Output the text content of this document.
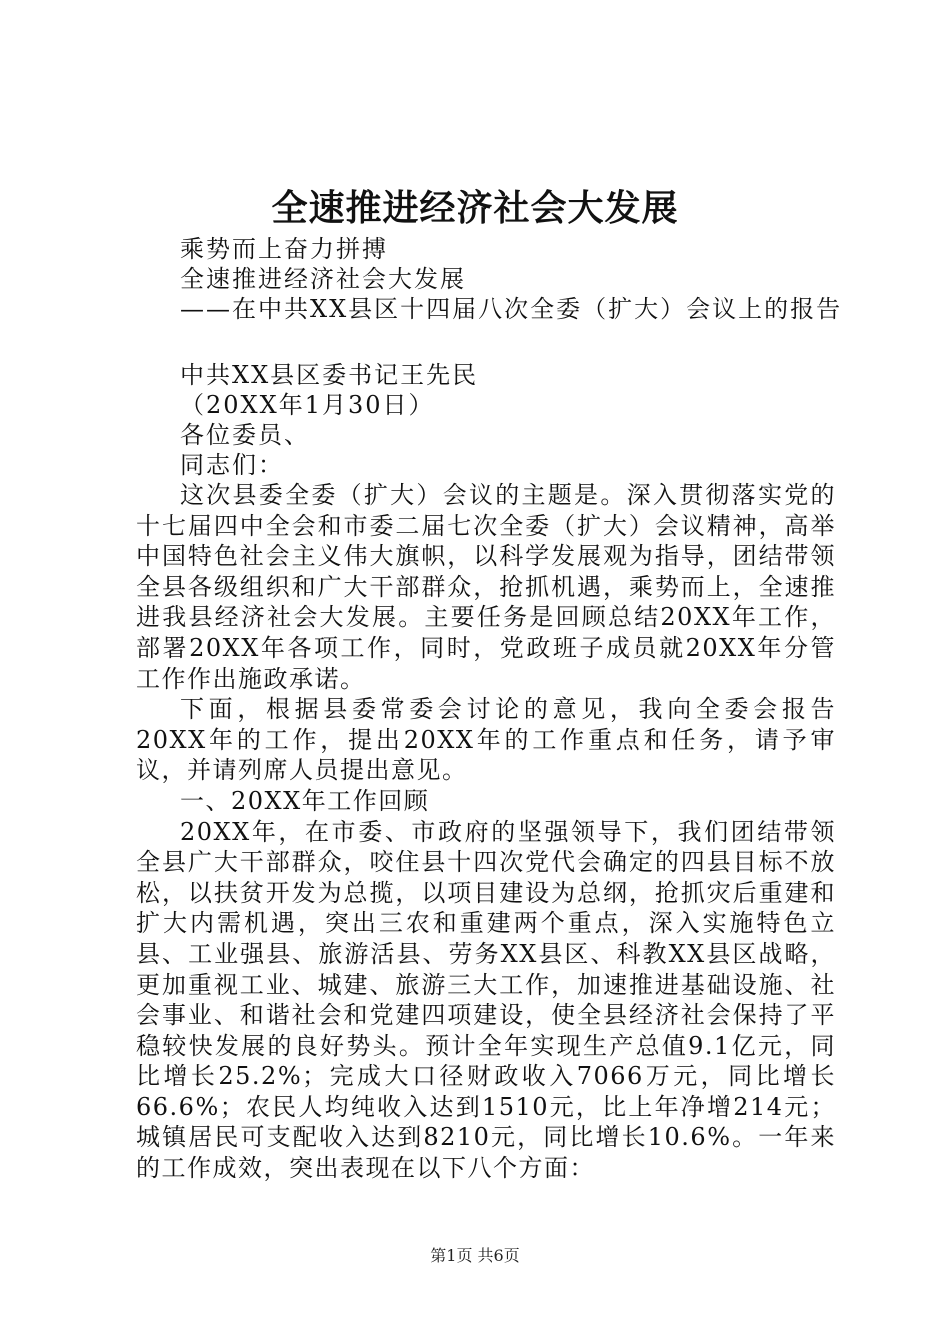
全速推进经济社会大发展
乘势而上奋力拼搏
全速推进经济社会大发展
——在中共XX县区十四届八次全委（扩大）会议上的报告
中共XX县区委书记王先民
（20XX年1月30日）
各位委员、
同志们：

这次县委全委（扩大）会议的主题是。深入贯彻落实党的十七届四中全会和市委二届七次全委（扩大）会议精神，高举中国特色社会主义伟大旗帜，以科学发展观为指导，团结带领全县各级组织和广大干部群众，抢抓机遇，乘势而上，全速推进我县经济社会大发展。主要任务是回顾总结20XX年工作，部署20XX年各项工作，同时，党政班子成员就20XX年分管工作作出施政承诺。

下面，根据县委常委会讨论的意见，我向全委会报告20XX年的工作，提出20XX年的工作重点和任务，请予审议，并请列席人员提出意见。

一、20XX年工作回顾

20XX年，在市委、市政府的坚强领导下，我们团结带领全县广大干部群众，咬住县十四次党代会确定的四县目标不放松，以扶贫开发为总揽，以项目建设为总纲，抢抓灾后重建和扩大内需机遇，突出三农和重建两个重点，深入实施特色立县、工业强县、旅游活县、劳务XX县区、科教XX县区战略，更加重视工业、城建、旅游三大工作，加速推进基础设施、社会事业、和谐社会和党建四项建设，使全县经济社会保持了平稳较快发展的良好势头。预计全年实现生产总值9.1亿元，同比增长25.2%；完成大口径财政收入7066万元，同比增长66.6%；农民人均纯收入达到1510元，比上年净增214元；城镇居民可支配收入达到8210元，同比增长10.6%。一年来的工作成效，突出表现在以下八个方面：

第1页 共6页
